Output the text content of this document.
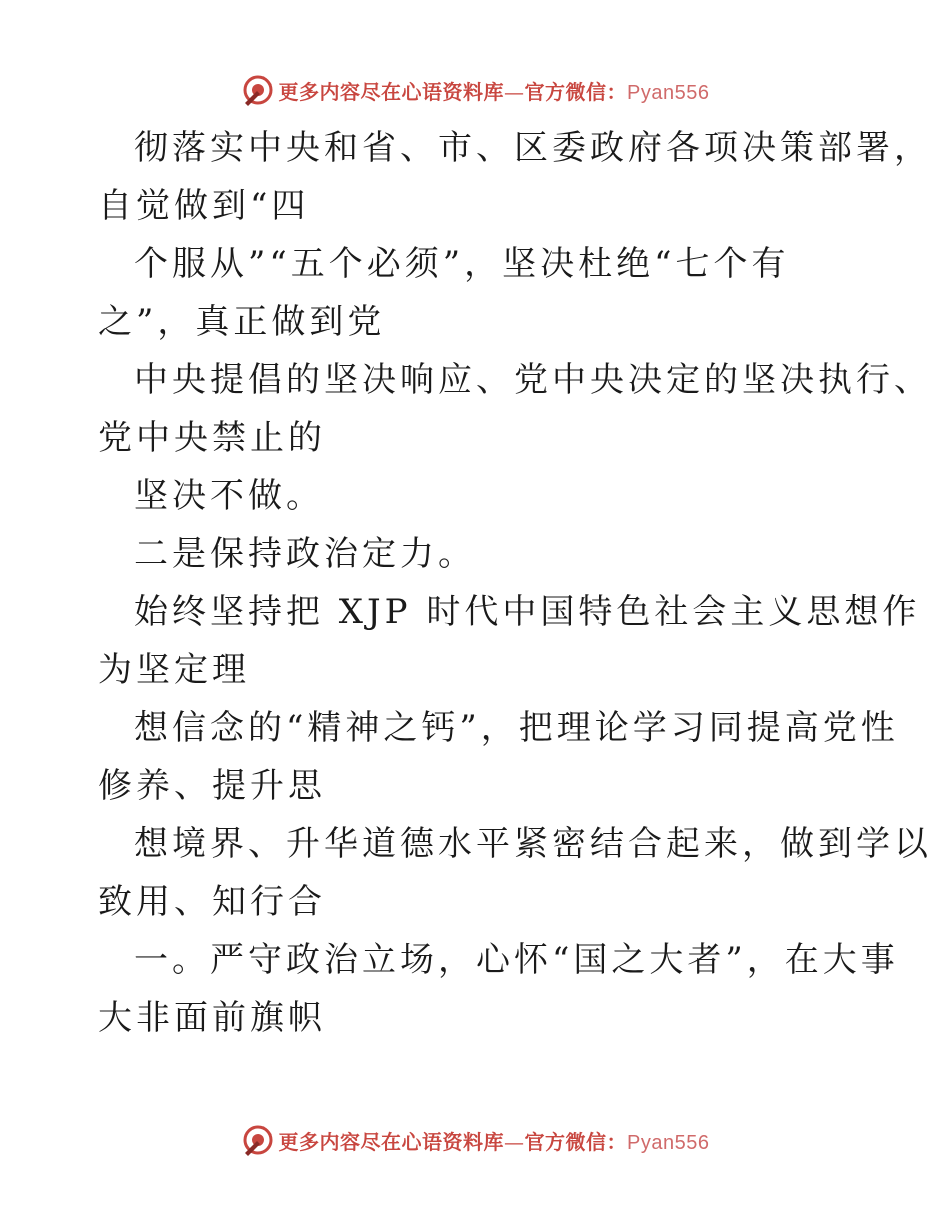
更多内容尽在心语资料库—官方微信：Pyan556
彻落实中央和省、市、区委政府各项决策部署，
自觉做到“四
个服从”“五个必须”，坚决杜绝“七个有
之”，真正做到党
中央提倡的坚决响应、党中央决定的坚决执行、
党中央禁止的
坚决不做。
二是保持政治定力。
始终坚持把 XJP 时代中国特色社会主义思想作
为坚定理
想信念的“精神之钙”，把理论学习同提高党性
修养、提升思
想境界、升华道德水平紧密结合起来，做到学以
致用、知行合
一。严守政治立场，心怀“国之大者”，在大事
大非面前旗帜
更多内容尽在心语资料库—官方微信：Pyan556
